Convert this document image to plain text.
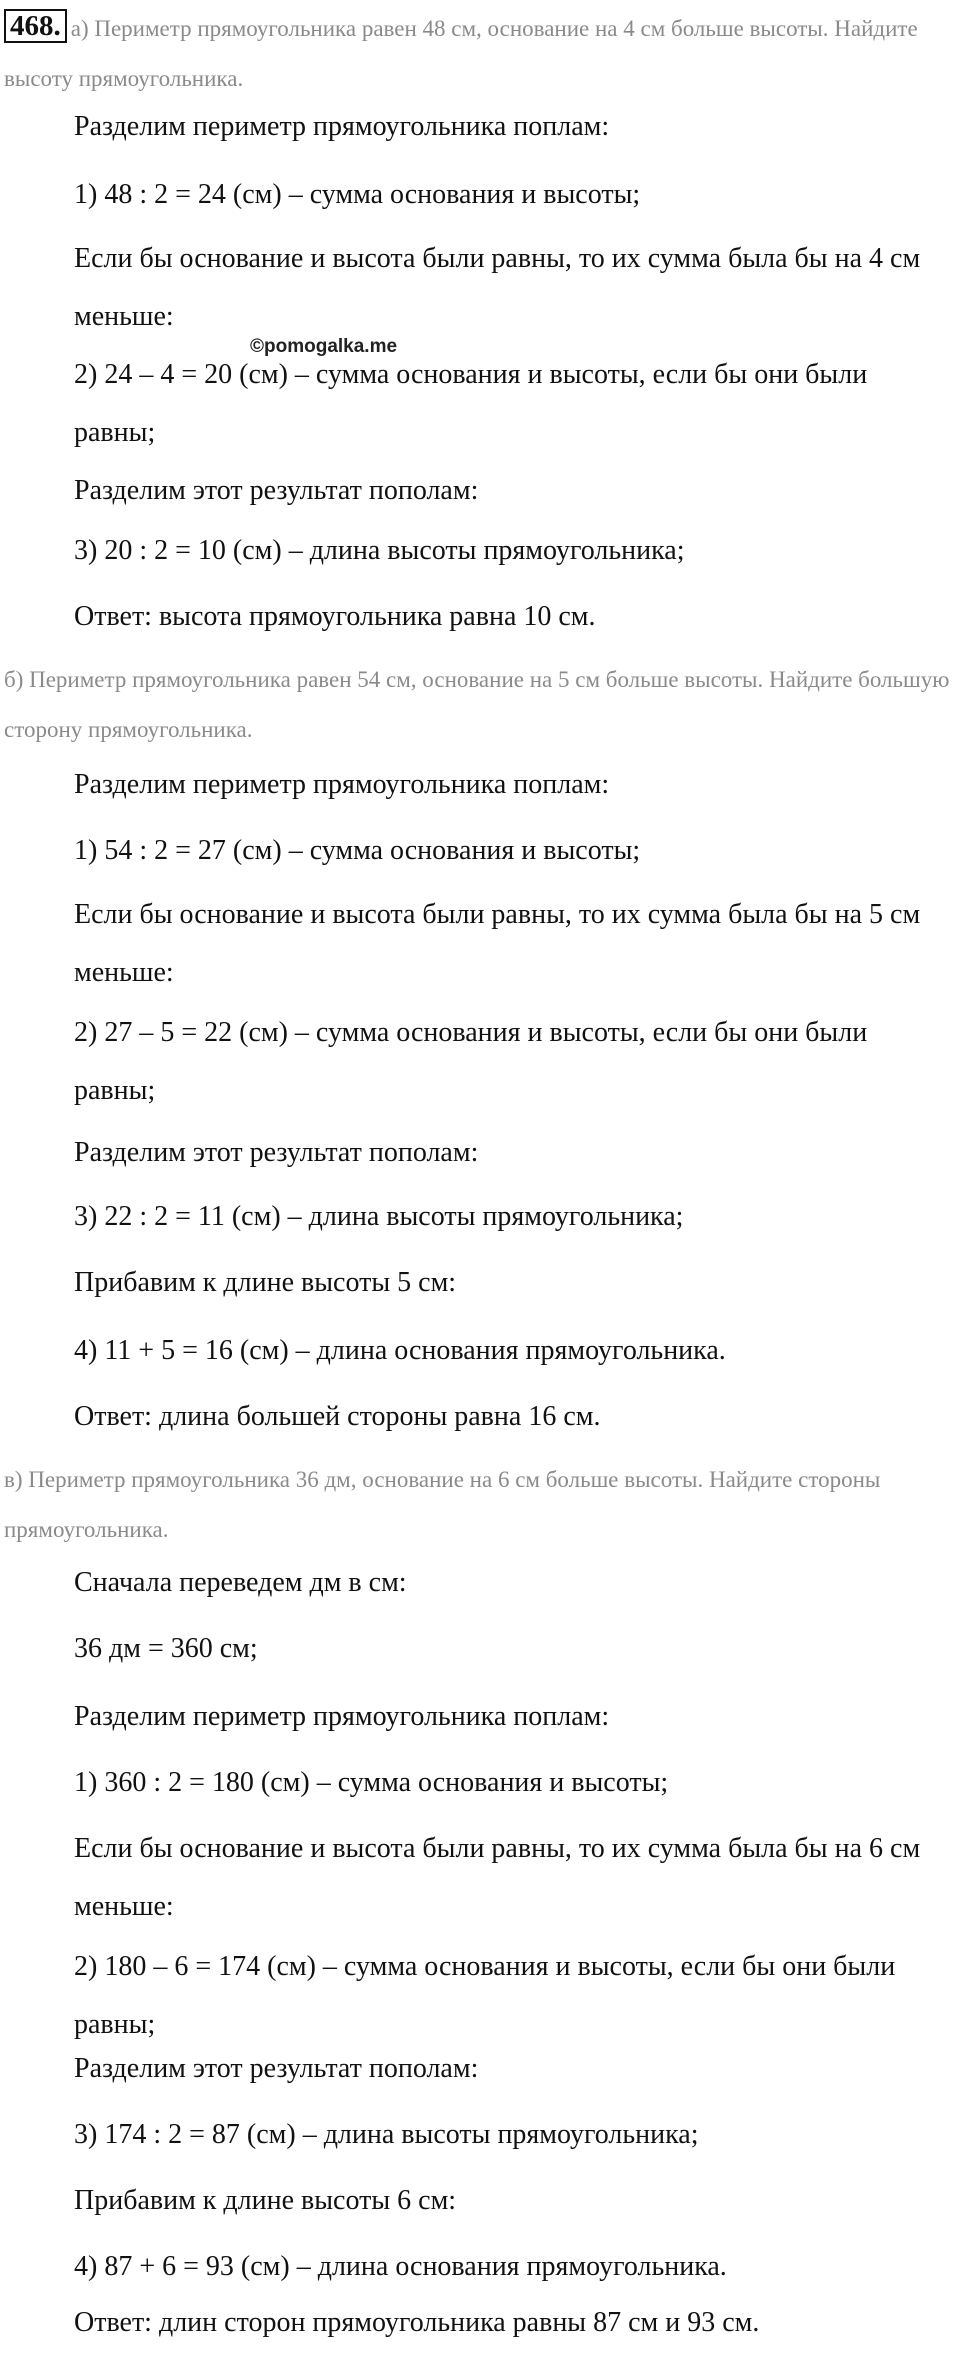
468. а) Периметр прямоугольника равен 48 см, основание на 4 см больше высоты. Найдите высоту прямоугольника.
©pomogalka.me
Разделим периметр прямоугольника поплам:
1) 48 : 2 = 24 (см) – сумма основания и высоты;
Если бы основание и высота были равны, то их сумма была бы на 4 см меньше:
2) 24 – 4 = 20 (см) – сумма основания и высоты, если бы они были равны;
Разделим этот результат пополам:
3) 20 : 2 = 10 (см) – длина высоты прямоугольника;
Ответ: высота прямоугольника равна 10 см.
б) Периметр прямоугольника равен 54 см, основание на 5 см больше высоты. Найдите большую сторону прямоугольника.
Разделим периметр прямоугольника поплам:
1) 54 : 2 = 27 (см) – сумма основания и высоты;
Если бы основание и высота были равны, то их сумма была бы на 5 см меньше:
2) 27 – 5 = 22 (см) – сумма основания и высоты, если бы они были равны;
Разделим этот результат пополам:
3) 22 : 2 = 11 (см) – длина высоты прямоугольника;
Прибавим к длине высоты 5 см:
4) 11 + 5 = 16 (см) – длина основания прямоугольника.
Ответ: длина большей стороны равна 16 см.
в) Периметр прямоугольника 36 дм, основание на 6 см больше высоты. Найдите стороны прямоугольника.
Сначала переведем дм в см:
36 дм = 360 см;
Разделим периметр прямоугольника поплам:
1) 360 : 2 = 180 (см) – сумма основания и высоты;
Если бы основание и высота были равны, то их сумма была бы на 6 см меньше:
2) 180 – 6 = 174 (см) – сумма основания и высоты, если бы они были равны;
Разделим этот результат пополам:
3) 174 : 2 = 87 (см) – длина высоты прямоугольника;
Прибавим к длине высоты 6 см:
4) 87 + 6 = 93 (см) – длина основания прямоугольника.
Ответ: длин сторон прямоугольника равны 87 см и 93 см.
